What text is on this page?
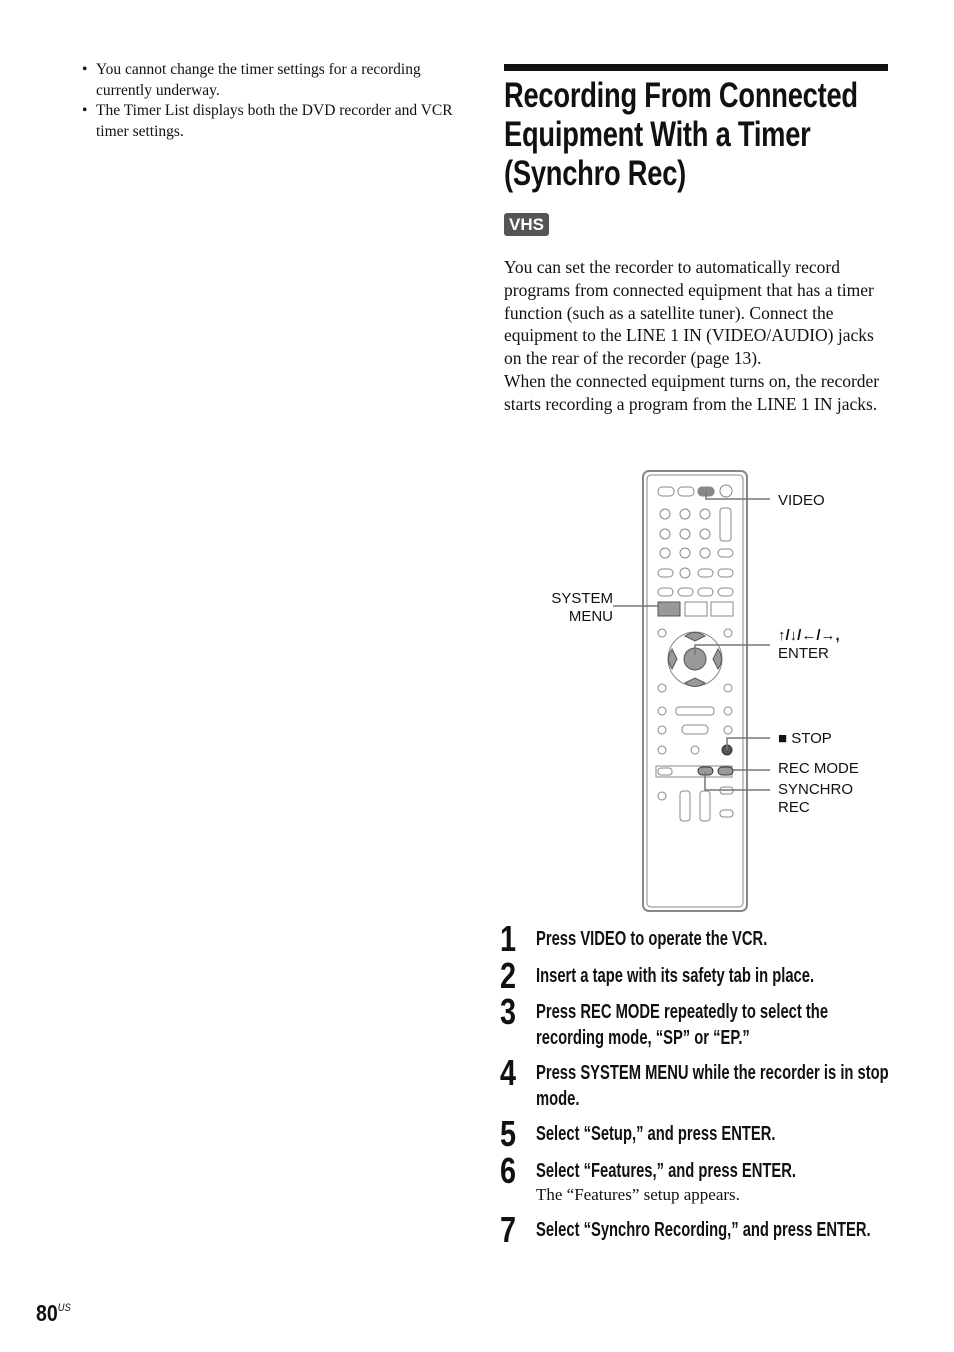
• You cannot change the timer settings for a recording currently underway.
• The Timer List displays both the DVD recorder and VCR timer settings.
Recording From Connected
Equipment With a Timer
(Synchro Rec)
VHS
You can set the recorder to automatically record programs from connected equipment that has a timer function (such as a satellite tuner). Connect the equipment to the LINE 1 IN (VIDEO/AUDIO) jacks on the rear of the recorder (page 13).
When the connected equipment turns on, the recorder starts recording a program from the LINE 1 IN jacks.
VIDEO
SYSTEM
MENU
↑/↓/←/→,
ENTER
■ STOP
REC MODE
SYNCHRO
REC
1 Press VIDEO to operate the VCR.
2 Insert a tape with its safety tab in place.
3 Press REC MODE repeatedly to select the recording mode, “SP” or “EP.”
4 Press SYSTEM MENU while the recorder is in stop mode.
5 Select “Setup,” and press ENTER.
6 Select “Features,” and press ENTER.
The “Features” setup appears.
7 Select “Synchro Recording,” and press ENTER.
$80^{US}$
